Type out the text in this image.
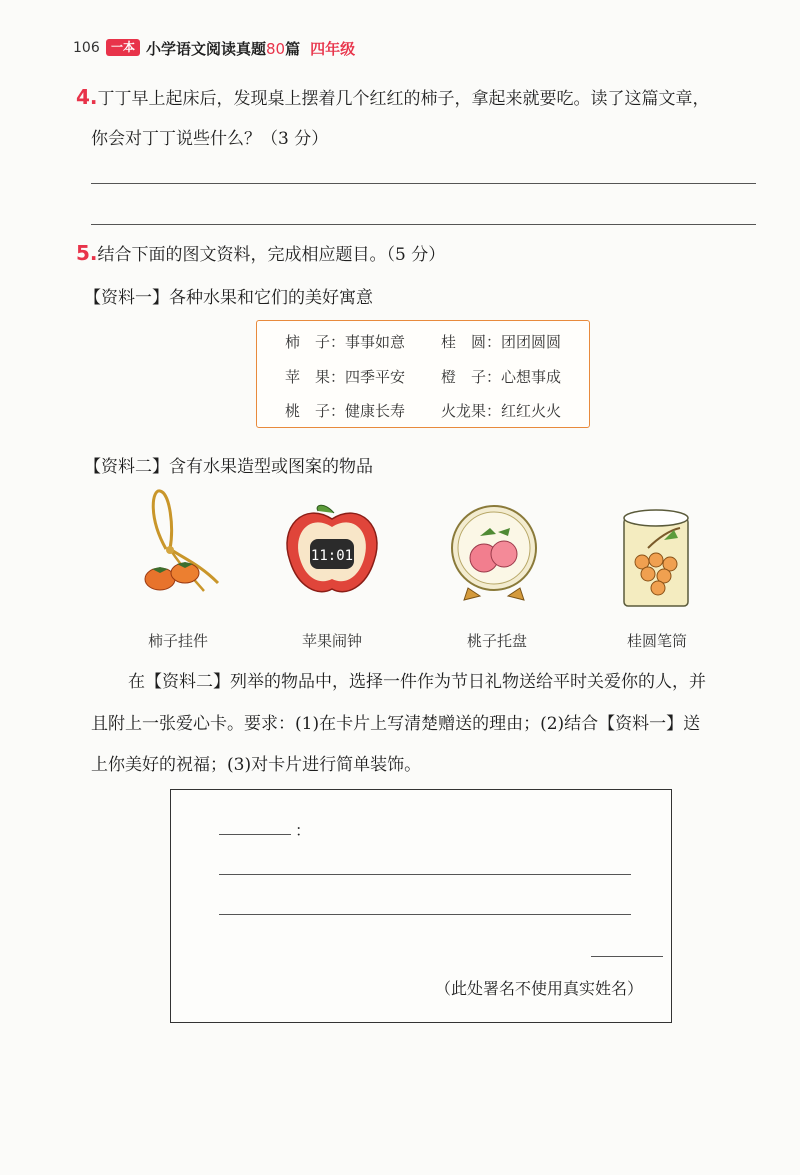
106 一本 小学语文阅读真题80篇 四年级
4.丁丁早上起床后，发现桌上摆着几个红红的柿子，拿起来就要吃。读了这篇文章，
你会对丁丁说些什么？（3 分）
5.结合下面的图文资料，完成相应题目。（5 分）
【资料一】各种水果和它们的美好寓意
柿　子：事事如意 桂　圆：团团圆圆
苹　果：四季平安 橙　子：心想事成
桃　子：健康长寿 火龙果：红红火火
【资料二】含有水果造型或图案的物品
11:01
柿子挂件	苹果闹钟	桃子托盘	桂圆笔筒
在【资料二】列举的物品中，选择一件作为节日礼物送给平时关爱你的人，并
且附上一张爱心卡。要求：(1)在卡片上写清楚赠送的理由；(2)结合【资料一】送
上你美好的祝福；(3)对卡片进行简单装饰。
：
（此处署名不使用真实姓名）
